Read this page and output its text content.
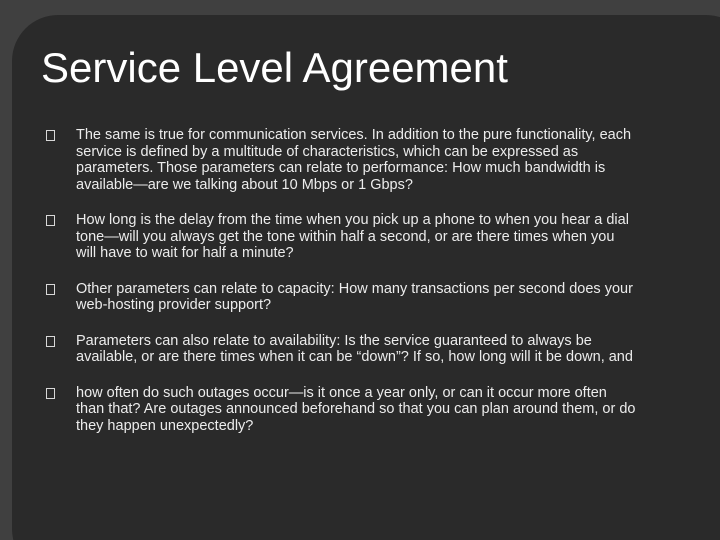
Service Level Agreement
The same is true for communication services. In addition to the pure functionality, each service is defined by a multitude of characteristics, which can be expressed as parameters. Those parameters can relate to performance: How much bandwidth is available—are we talking about 10 Mbps or 1 Gbps?
How long is the delay from the time when you pick up a phone to when you hear a dial tone—will you always get the tone within half a second, or are there times when you will have to wait for half a minute?
Other parameters can relate to capacity: How many transactions per second does your web-hosting provider support?
Parameters can also relate to availability: Is the service guaranteed to always be available, or are there times when it can be “down”? If so, how long will it be down, and
how often do such outages occur—is it once a year only, or can it occur more often than that? Are outages announced beforehand so that you can plan around them, or do they happen unexpectedly?
